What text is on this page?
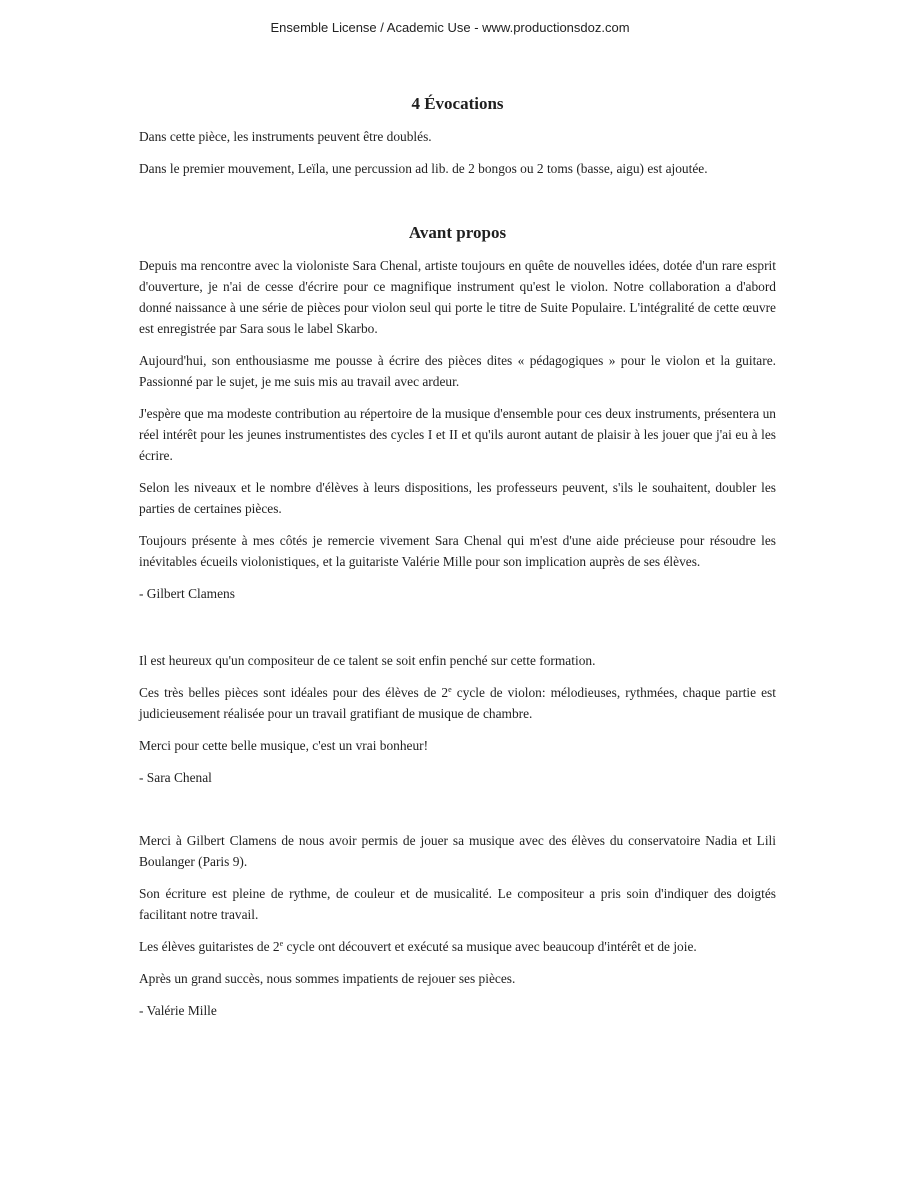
Ensemble License / Academic Use - www.productionsdoz.com
4 Évocations

Dans cette pièce, les instruments peuvent être doublés.

Dans le premier mouvement, Leïla, une percussion ad lib. de 2 bongos ou 2 toms (basse, aigu) est ajoutée.

Avant propos

Depuis ma rencontre avec la violoniste Sara Chenal, artiste toujours en quête de nouvelles idées, dotée d'un rare esprit d'ouverture, je n'ai de cesse d'écrire pour ce magnifique instrument qu'est le violon. Notre collaboration a d'abord donné naissance à une série de pièces pour violon seul qui porte le titre de Suite Populaire. L'intégralité de cette œuvre est enregistrée par Sara sous le label Skarbo.

Aujourd'hui, son enthousiasme me pousse à écrire des pièces dites « pédagogiques » pour le violon et la guitare. Passionné par le sujet, je me suis mis au travail avec ardeur.

J'espère que ma modeste contribution au répertoire de la musique d'ensemble pour ces deux instruments, présentera un réel intérêt pour les jeunes instrumentistes des cycles I et II et qu'ils auront autant de plaisir à les jouer que j'ai eu à les écrire.

Selon les niveaux et le nombre d'élèves à leurs dispositions, les professeurs peuvent, s'ils le souhaitent, doubler les parties de certaines pièces.

Toujours présente à mes côtés je remercie vivement Sara Chenal qui m'est d'une aide précieuse pour résoudre les inévitables écueils violonistiques, et la guitariste Valérie Mille pour son implication auprès de ses élèves.

- Gilbert Clamens

Il est heureux qu'un compositeur de ce talent se soit enfin penché sur cette formation.

Ces très belles pièces sont idéales pour des élèves de 2e cycle de violon: mélodieuses, rythmées, chaque partie est judicieusement réalisée pour un travail gratifiant de musique de chambre.

Merci pour cette belle musique, c'est un vrai bonheur!

- Sara Chenal

Merci à Gilbert Clamens de nous avoir permis de jouer sa musique avec des élèves du conservatoire Nadia et Lili Boulanger (Paris 9).

Son écriture est pleine de rythme, de couleur et de musicalité. Le compositeur a pris soin d'indiquer des doigtés facilitant notre travail.

Les élèves guitaristes de 2e cycle ont découvert et exécuté sa musique avec beaucoup d'intérêt et de joie.

Après un grand succès, nous sommes impatients de rejouer ses pièces.

- Valérie Mille
